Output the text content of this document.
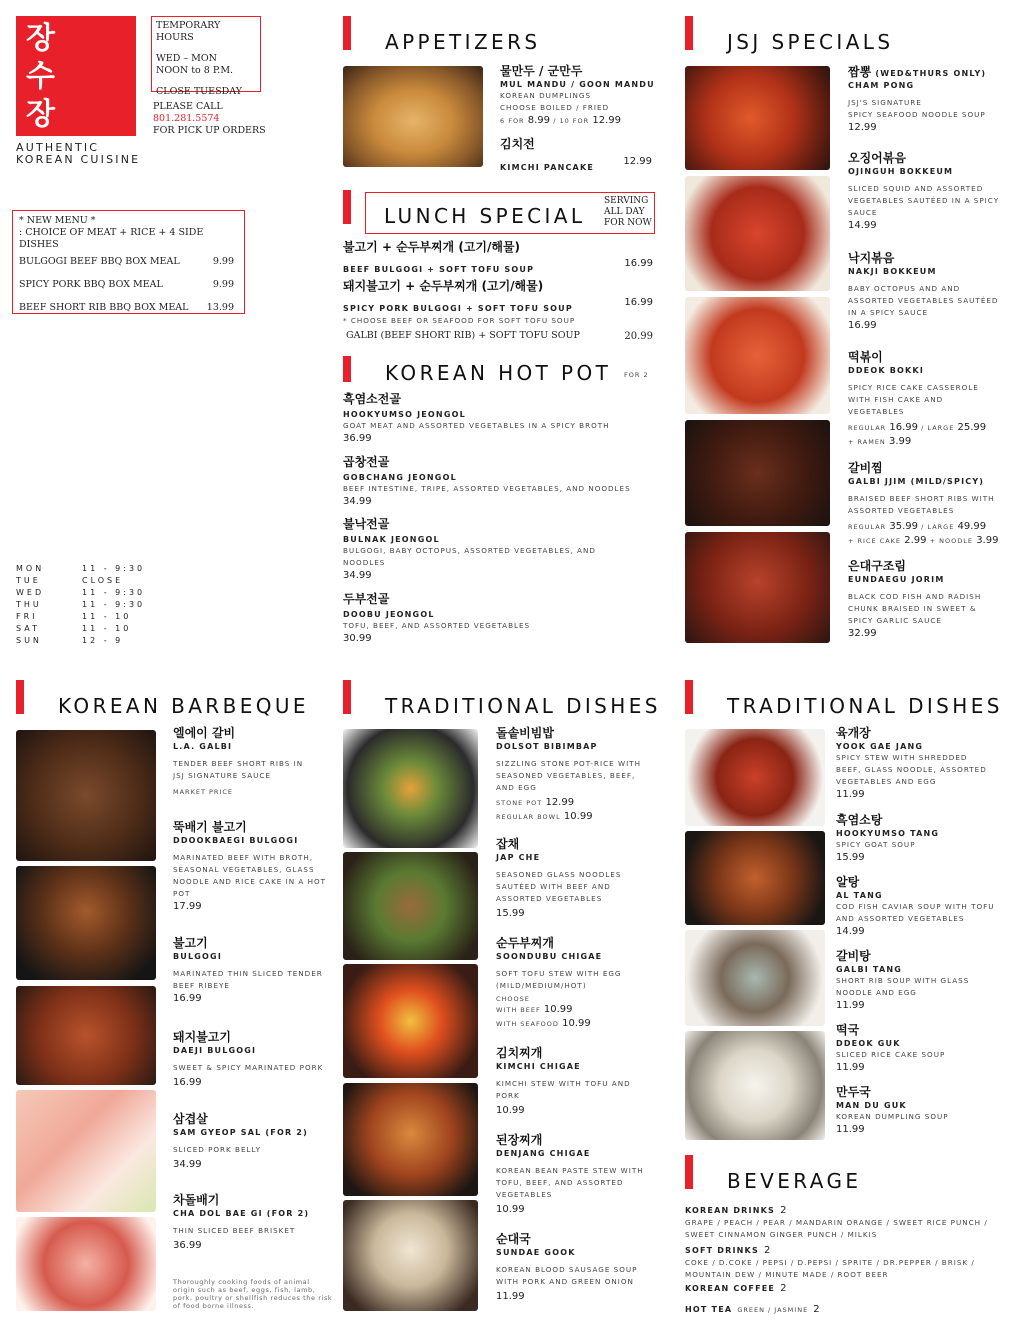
장
수
장
AUTHENTIC
KOREAN CUISINE
TEMPORARY HOURS
WED – MON
NOON to 8 P.M.
CLOSE TUESDAY
PLEASE CALL
801.281.5574
FOR PICK UP ORDERS
* NEW MENU *
: CHOICE OF MEAT + RICE + 4 SIDE DISHES
BULGOGI BEEF BBQ BOX MEAL	9.99
SPICY PORK BBQ BOX MEAL	9.99
BEEF SHORT RIB BBQ BOX MEAL 13.99
MON	11 - 9:30
TUE	CLOSE
WED	11 - 9:30
THU	11 - 9:30
FRI	11 - 10
SAT	11 - 10
SUN	12 - 9
APPETIZERS
물만두 / 군만두
MUL MANDU / GOON MANDU
KOREAN DUMPLINGS
CHOOSE BOILED / FRIED
6 FOR 8.99 / 10 FOR 12.99
김치전
KIMCHI PANCAKE
12.99
LUNCH SPECIAL
SERVING
ALL DAY
FOR NOW
불고기 + 순두부찌개 (고기/해물)
BEEF BULGOGI + SOFT TOFU SOUP
16.99
돼지불고기 + 순두부찌개 (고기/해물)
SPICY PORK BULGOGI + SOFT TOFU SOUP
16.99
* CHOOSE BEEF OR SEAFOOD FOR SOFT TOFU SOUP
GALBI (BEEF SHORT RIB) + SOFT TOFU SOUP	20.99
KOREAN HOT POT FOR 2
흑염소전골
HOOKYUMSO JEONGOL
GOAT MEAT AND ASSORTED VEGETABLES IN A SPICY BROTH
36.99
곱창전골
GOBCHANG JEONGOL
BEEF INTESTINE, TRIPE, ASSORTED VEGETABLES, AND NOODLES
34.99
불낙전골
BULNAK JEONGOL
BULGOGI, BABY OCTOPUS, ASSORTED VEGETABLES, AND
NOODLES
34.99
두부전골
DOOBU JEONGOL
TOFU, BEEF, AND ASSORTED VEGETABLES
30.99
JSJ SPECIALS
짬뽕 (WED&THURS ONLY)
CHAM PONG
JSJ'S SIGNATURE
SPICY SEAFOOD NOODLE SOUP
12.99
오징어볶음
OJINGUH BOKKEUM
SLICED SQUID AND ASSORTED
VEGETABLES SAUTÉED IN A SPICY
SAUCE
14.99
낙지볶음
NAKJI BOKKEUM
BABY OCTOPUS AND AND
ASSORTED VEGETABLES SAUTÉED
IN A SPICY SAUCE
16.99
떡볶이
DDEOK BOKKI
SPICY RICE CAKE CASSEROLE
WITH FISH CAKE AND
VEGETABLES
REGULAR 16.99 / LARGE 25.99
+ RAMEN 3.99
갈비찜
GALBI JJIM (MILD/SPICY)
BRAISED BEEF SHORT RIBS WITH
ASSORTED VEGETABLES
REGULAR 35.99 / LARGE 49.99
+ RICE CAKE 2.99 + NOODLE 3.99
은대구조림
EUNDAEGU JORIM
BLACK COD FISH AND RADISH
CHUNK BRAISED IN SWEET &
SPICY GARLIC SAUCE
32.99
KOREAN BARBEQUE
엘에이 갈비
L.A. GALBI
TENDER BEEF SHORT RIBS IN
JSJ SIGNATURE SAUCE
MARKET PRICE
뚝배기 불고기
DDOOKBAEGI BULGOGI
MARINATED BEEF WITH BROTH,
SEASONAL VEGETABLES, GLASS
NOODLE AND RICE CAKE IN A HOT
POT
17.99
불고기
BULGOGI
MARINATED THIN SLICED TENDER
BEEF RIBEYE
16.99
돼지불고기
DAEJI BULGOGI
SWEET & SPICY MARINATED PORK
16.99
삼겹살
SAM GYEOP SAL (FOR 2)
SLICED PORK BELLY
34.99
차돌배기
CHA DOL BAE GI (FOR 2)
THIN SLICED BEEF BRISKET
36.99
Thoroughly cooking foods of animal origin such as beef, eggs, fish, lamb, pork, poultry or shellfish reduces the risk of food borne illness.
TRADITIONAL DISHES
돌솥비빔밥
DOLSOT BIBIMBAP
SIZZLING STONE POT-RICE WITH
SEASONED VEGETABLES, BEEF,
AND EGG
STONE POT 12.99
REGULAR BOWL 10.99
잡채
JAP CHE
SEASONED GLASS NOODLES
SAUTÉED WITH BEEF AND
ASSORTED VEGETABLES
15.99
순두부찌개
SOONDUBU CHIGAE
SOFT TOFU STEW WITH EGG
(MILD/MEDIUM/HOT)
CHOOSE
WITH BEEF 10.99
WITH SEAFOOD 10.99
김치찌개
KIMCHI CHIGAE
KIMCHI STEW WITH TOFU AND
PORK
10.99
된장찌개
DENJANG CHIGAE
KOREAN BEAN PASTE STEW WITH
TOFU, BEEF, AND ASSORTED
VEGETABLES
10.99
순대국
SUNDAE GOOK
KOREAN BLOOD SAUSAGE SOUP
WITH PORK AND GREEN ONION
11.99
TRADITIONAL DISHES
육개장
YOOK GAE JANG
SPICY STEW WITH SHREDDED
BEEF, GLASS NOODLE, ASSORTED
VEGETABLES AND EGG
11.99
흑염소탕
HOOKYUMSO TANG
SPICY GOAT SOUP
15.99
알탕
AL TANG
COD FISH CAVIAR SOUP WITH TOFU
AND ASSORTED VEGETABLES
14.99
갈비탕
GALBI TANG
SHORT RIB SOUP WITH GLASS
NOODLE AND EGG
11.99
떡국
DDEOK GUK
SLICED RICE CAKE SOUP
11.99
만두국
MAN DU GUK
KOREAN DUMPLING SOUP
11.99
BEVERAGE
KOREAN DRINKS 2
GRAPE / PEACH / PEAR / MANDARIN ORANGE / SWEET RICE PUNCH /
SWEET CINNAMON GINGER PUNCH / MILKIS
SOFT DRINKS 2
COKE / D.COKE / PEPSI / D.PEPSI / SPRITE / DR.PEPPER / BRISK /
MOUNTAIN DEW / MINUTE MADE / ROOT BEER
KOREAN COFFEE 2
HOT TEA GREEN / JASMINE 2
